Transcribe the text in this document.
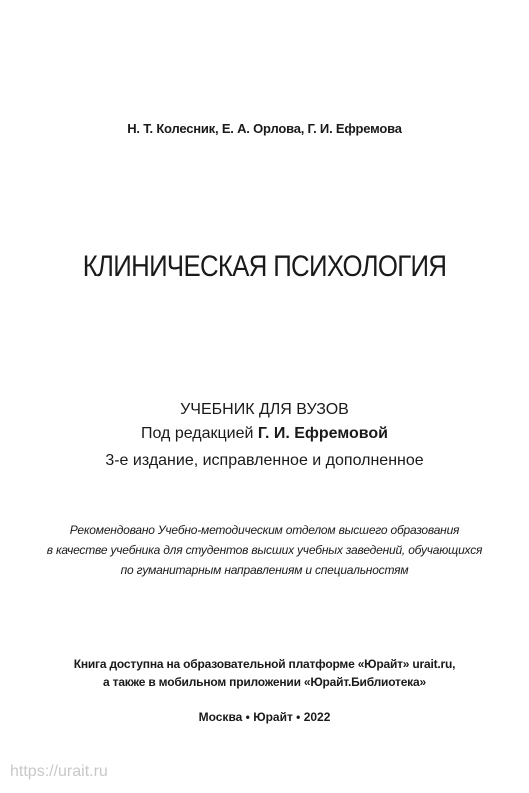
Н. Т. Колесник, Е. А. Орлова, Г. И. Ефремова
КЛИНИЧЕСКАЯ ПСИХОЛОГИЯ
УЧЕБНИК ДЛЯ ВУЗОВ
Под редакцией Г. И. Ефремовой
3-е издание, исправленное и дополненное
Рекомендовано Учебно-методическим отделом высшего образования
в качестве учебника для студентов высших учебных заведений, обучающихся
по гуманитарным направлениям и специальностям
Книга доступна на образовательной платформе «Юрайт» urait.ru,
а также в мобильном приложении «Юрайт.Библиотека»
Москва • Юрайт • 2022
https://urait.ru
